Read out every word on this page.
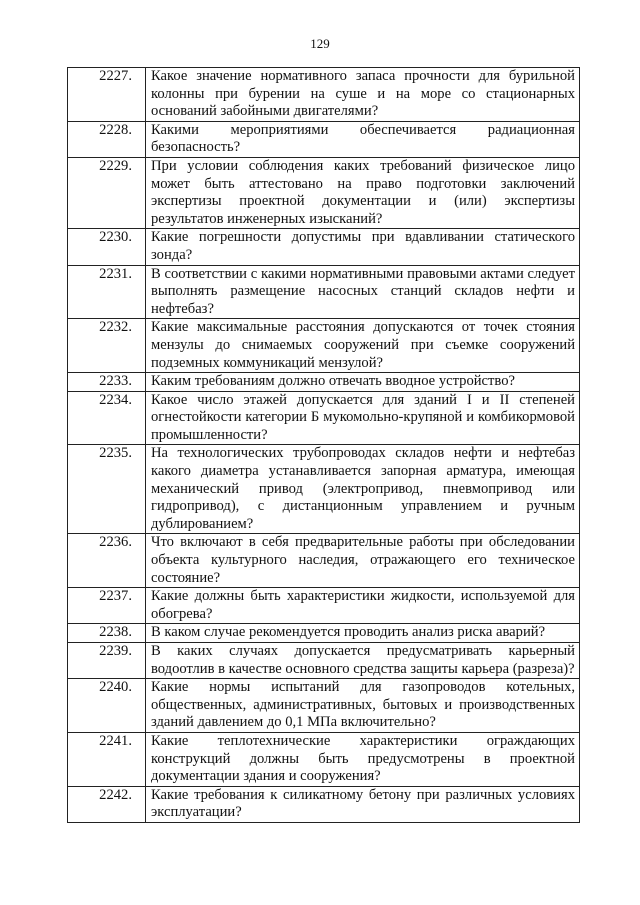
129
2227.	Какое значение нормативного запаса прочности для бурильной колонны при бурении на суше и на море со стационарных оснований забойными двигателями?
2228.	Какими мероприятиями обеспечивается радиационная безопасность?
2229.	При условии соблюдения каких требований физическое лицо может быть аттестовано на право подготовки заключений экспертизы проектной документации и (или) экспертизы результатов инженерных изысканий?
2230.	Какие погрешности допустимы при вдавливании статического зонда?
2231.	В соответствии с какими нормативными правовыми актами следует выполнять размещение насосных станций складов нефти и нефтебаз?
2232.	Какие максимальные расстояния допускаются от точек стояния мензулы до снимаемых сооружений при съемке сооружений подземных коммуникаций мензулой?
2233.	Каким требованиям должно отвечать вводное устройство?
2234.	Какое число этажей допускается для зданий I и II степеней огнестойкости категории Б мукомольно-крупяной и комбикормовой промышленности?
2235.	На технологических трубопроводах складов нефти и нефтебаз какого диаметра устанавливается запорная арматура, имеющая механический привод (электропривод, пневмопривод или гидропривод), с дистанционным управлением и ручным дублированием?
2236.	Что включают в себя предварительные работы при обследовании объекта культурного наследия, отражающего его техническое состояние?
2237.	Какие должны быть характеристики жидкости, используемой для обогрева?
2238.	В каком случае рекомендуется проводить анализ риска аварий?
2239.	В каких случаях допускается предусматривать карьерный водоотлив в качестве основного средства защиты карьера (разреза)?
2240.	Какие нормы испытаний для газопроводов котельных, общественных, административных, бытовых и производственных зданий давлением до 0,1 МПа включительно?
2241.	Какие теплотехнические характеристики ограждающих конструкций должны быть предусмотрены в проектной документации здания и сооружения?
2242.	Какие требования к силикатному бетону при различных условиях эксплуатации?
